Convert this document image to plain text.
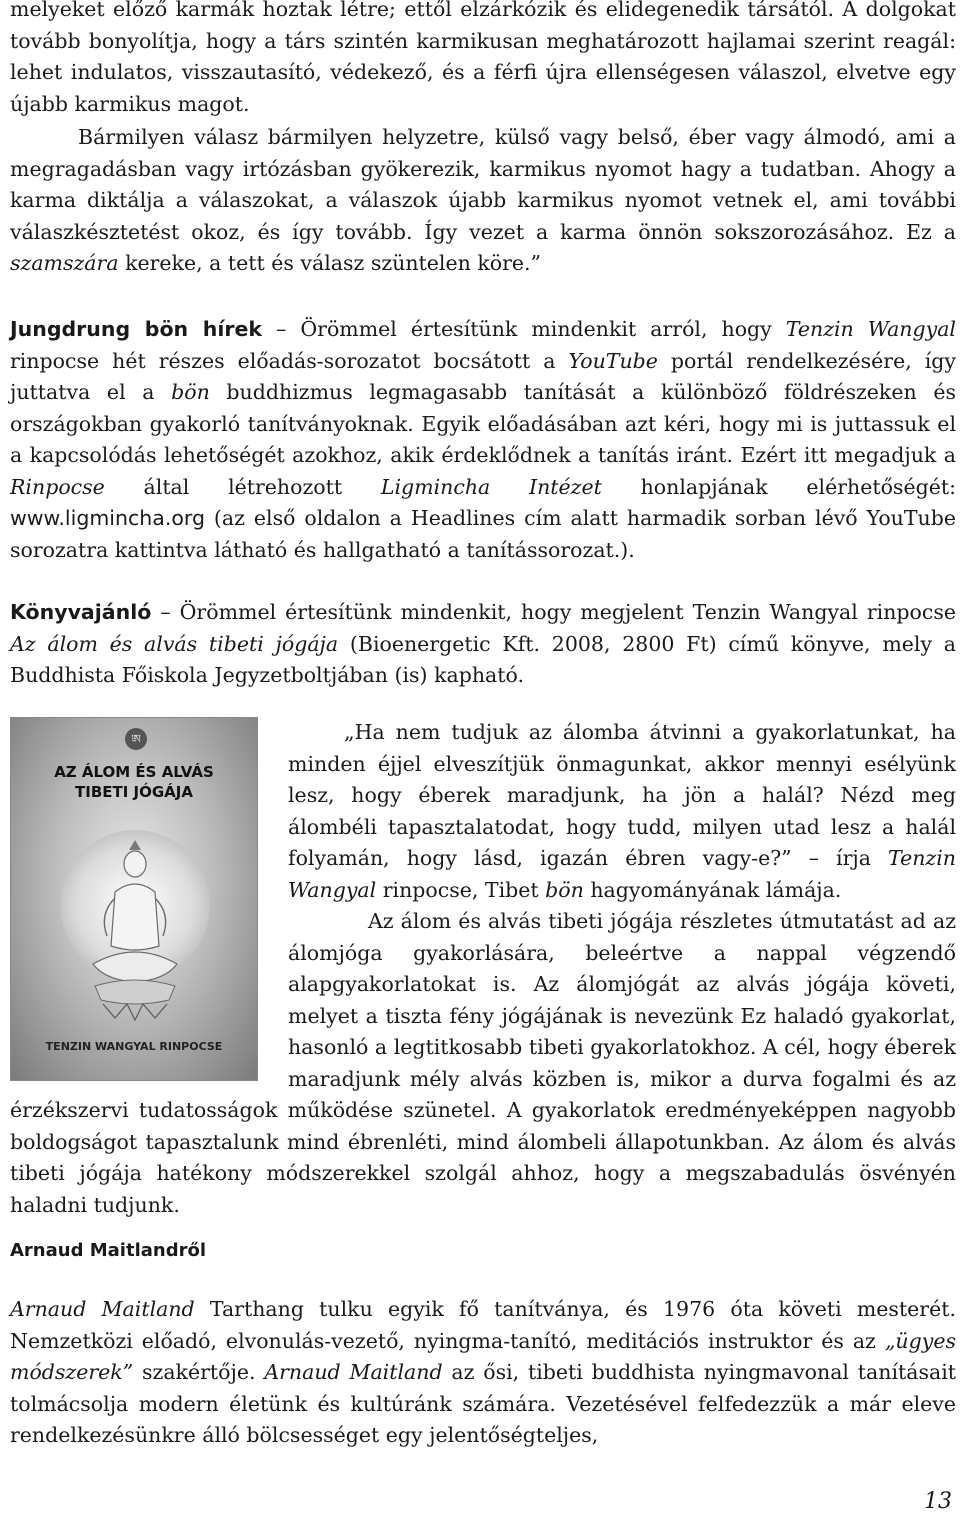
melyeket előző karmák hoztak létre; ettől elzárkózik és elidegenedik társától. A dolgokat tovább bonyolítja, hogy a társ szintén karmikusan meghatározott hajlamai szerint reagál: lehet indulatos, visszautasító, védekező, és a férfi újra ellenségesen válaszol, elvetve egy újabb karmikus magot.

Bármilyen válasz bármilyen helyzetre, külső vagy belső, éber vagy álmodó, ami a megragadásban vagy irtózásban gyökerezik, karmikus nyomot hagy a tudatban. Ahogy a karma diktálja a válaszokat, a válaszok újabb karmikus nyomot vetnek el, ami további válaszkésztetést okoz, és így tovább. Így vezet a karma önnön sokszorozásához. Ez a szamszára kereke, a tett és válasz szüntelen köre.”

Jungdrung bön hírek – Örömmel értesítünk mindenkit arról, hogy Tenzin Wangyal rinpocse hét részes előadás-sorozatot bocsátott a YouTube portál rendelkezésére, így juttatva el a bön buddhizmus legmagasabb tanítását a különböző földrészeken és országokban gyakorló tanítványoknak. Egyik előadásában azt kéri, hogy mi is juttassuk el a kapcsolódás lehetőségét azokhoz, akik érdeklődnek a tanítás iránt. Ezért itt megadjuk a Rinpocse által létrehozott Ligmincha Intézet honlapjának elérhetőségét: www.ligmincha.org (az első oldalon a Headlines cím alatt harmadik sorban lévő YouTube sorozatra kattintva látható és hallgatható a tanítássorozat.).

Könyvajánló – Örömmel értesítünk mindenkit, hogy megjelent Tenzin Wangyal rinpocse Az álom és alvás tibeti jógája (Bioenergetic Kft. 2008, 2800 Ft) című könyve, mely a Buddhista Főiskola Jegyzetboltjában (is) kapható.

ཨ
AZ ÁLOM ÉS ALVÁS
TIBETI JÓGÁJA
TENZIN WANGYAL RINPOCSE
„Ha nem tudjuk az álomba átvinni a gyakorlatunkat, ha minden éjjel elveszítjük önmagunkat, akkor mennyi esélyünk lesz, hogy éberek maradjunk, ha jön a halál? Nézd meg álombéli tapasztalatodat, hogy tudd, milyen utad lesz a halál folyamán, hogy lásd, igazán ébren vagy-e?” – írja Tenzin Wangyal rinpocse, Tibet bön hagyományának lámája.
Az álom és alvás tibeti jógája részletes útmutatást ad az álomjóga gyakorlására, beleértve a nappal végzendő alapgyakorlatokat is. Az álomjógát az alvás jógája követi, melyet a tiszta fény jógájának is nevezünk Ez haladó gyakorlat, hasonló a legtitkosabb tibeti gyakorlatokhoz. A cél, hogy éberek maradjunk mély alvás közben is, mikor a durva fogalmi és az érzékszervi tudatosságok működése szünetel. A gyakorlatok eredményeképpen nagyobb boldogságot tapasztalunk mind ébrenléti, mind álombeli állapotunkban. Az álom és alvás tibeti jógája hatékony módszerekkel szolgál ahhoz, hogy a megszabadulás ösvényén haladni tudjunk.
Arnaud Maitlandről

Arnaud Maitland Tarthang tulku egyik fő tanítványa, és 1976 óta követi mesterét. Nemzetközi előadó, elvonulás-vezető, nyingma-tanító, meditációs instruktor és az „ügyes módszerek” szakértője. Arnaud Maitland az ősi, tibeti buddhista nyingmavonal tanításait tolmácsolja modern életünk és kultúránk számára. Vezetésével felfedezzük a már eleve rendelkezésünkre álló bölcsességet egy jelentőségteljes,

13
